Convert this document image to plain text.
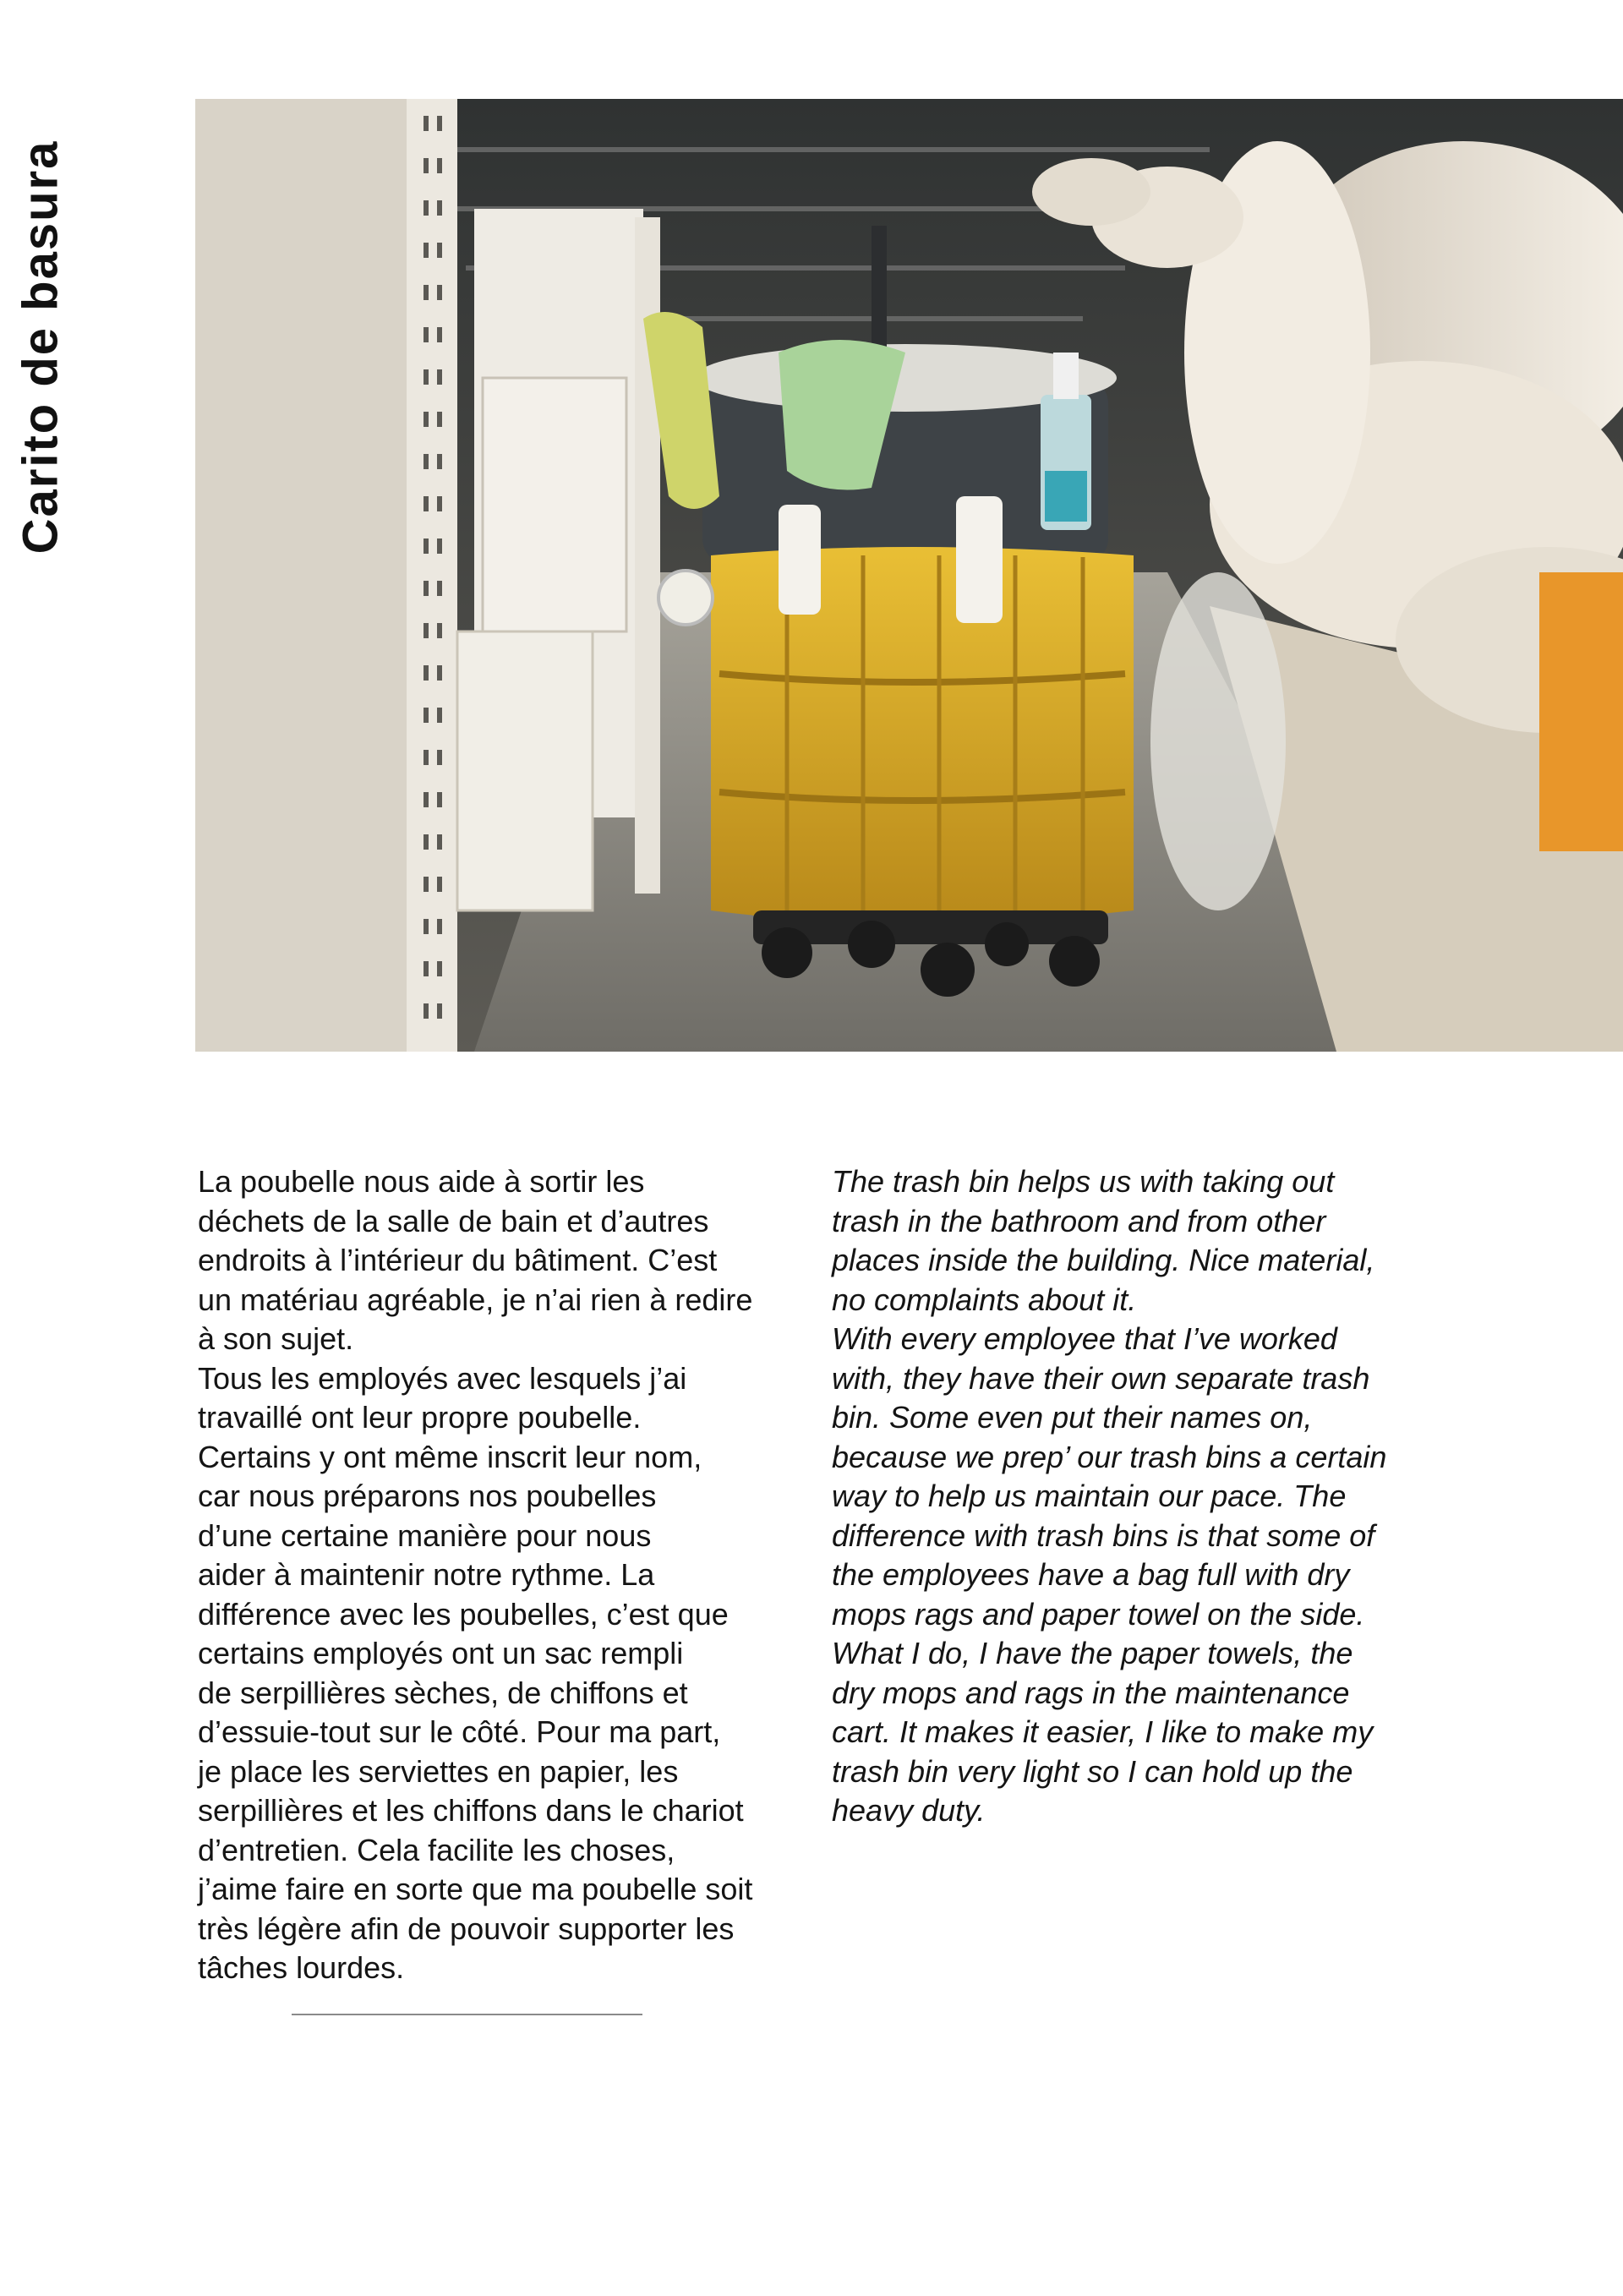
Carito de basura

La poubelle nous aide à sortir les
déchets de la salle de bain et d’autres
endroits à l’intérieur du bâtiment. C’est
un matériau agréable, je n’ai rien à redire
à son sujet.
Tous les employés avec lesquels j’ai
travaillé ont leur propre poubelle.
Certains y ont même inscrit leur nom,
car nous préparons nos poubelles
d’une certaine manière pour nous
aider à maintenir notre rythme. La
différence avec les poubelles, c’est que
certains employés ont un sac rempli
de serpillières sèches, de chiffons et
d’essuie-tout sur le côté. Pour ma part,
je place les serviettes en papier, les
serpillières et les chiffons dans le chariot
d’entretien. Cela facilite les choses,
j’aime faire en sorte que ma poubelle soit
très légère afin de pouvoir supporter les
tâches lourdes.

The trash bin helps us with taking out
trash in the bathroom and from other
places inside the building. Nice material,
no complaints about it.
With every employee that I’ve worked
with, they have their own separate trash
bin. Some even put their names on,
because we prep’ our trash bins a certain
way to help us maintain our pace. The
difference with trash bins is that some of
the employees have a bag full with dry
mops rags and paper towel on the side.
What I do, I have the paper towels, the
dry mops and rags in the maintenance
cart. It makes it easier, I like to make my
trash bin very light so I can hold up the
heavy duty.
